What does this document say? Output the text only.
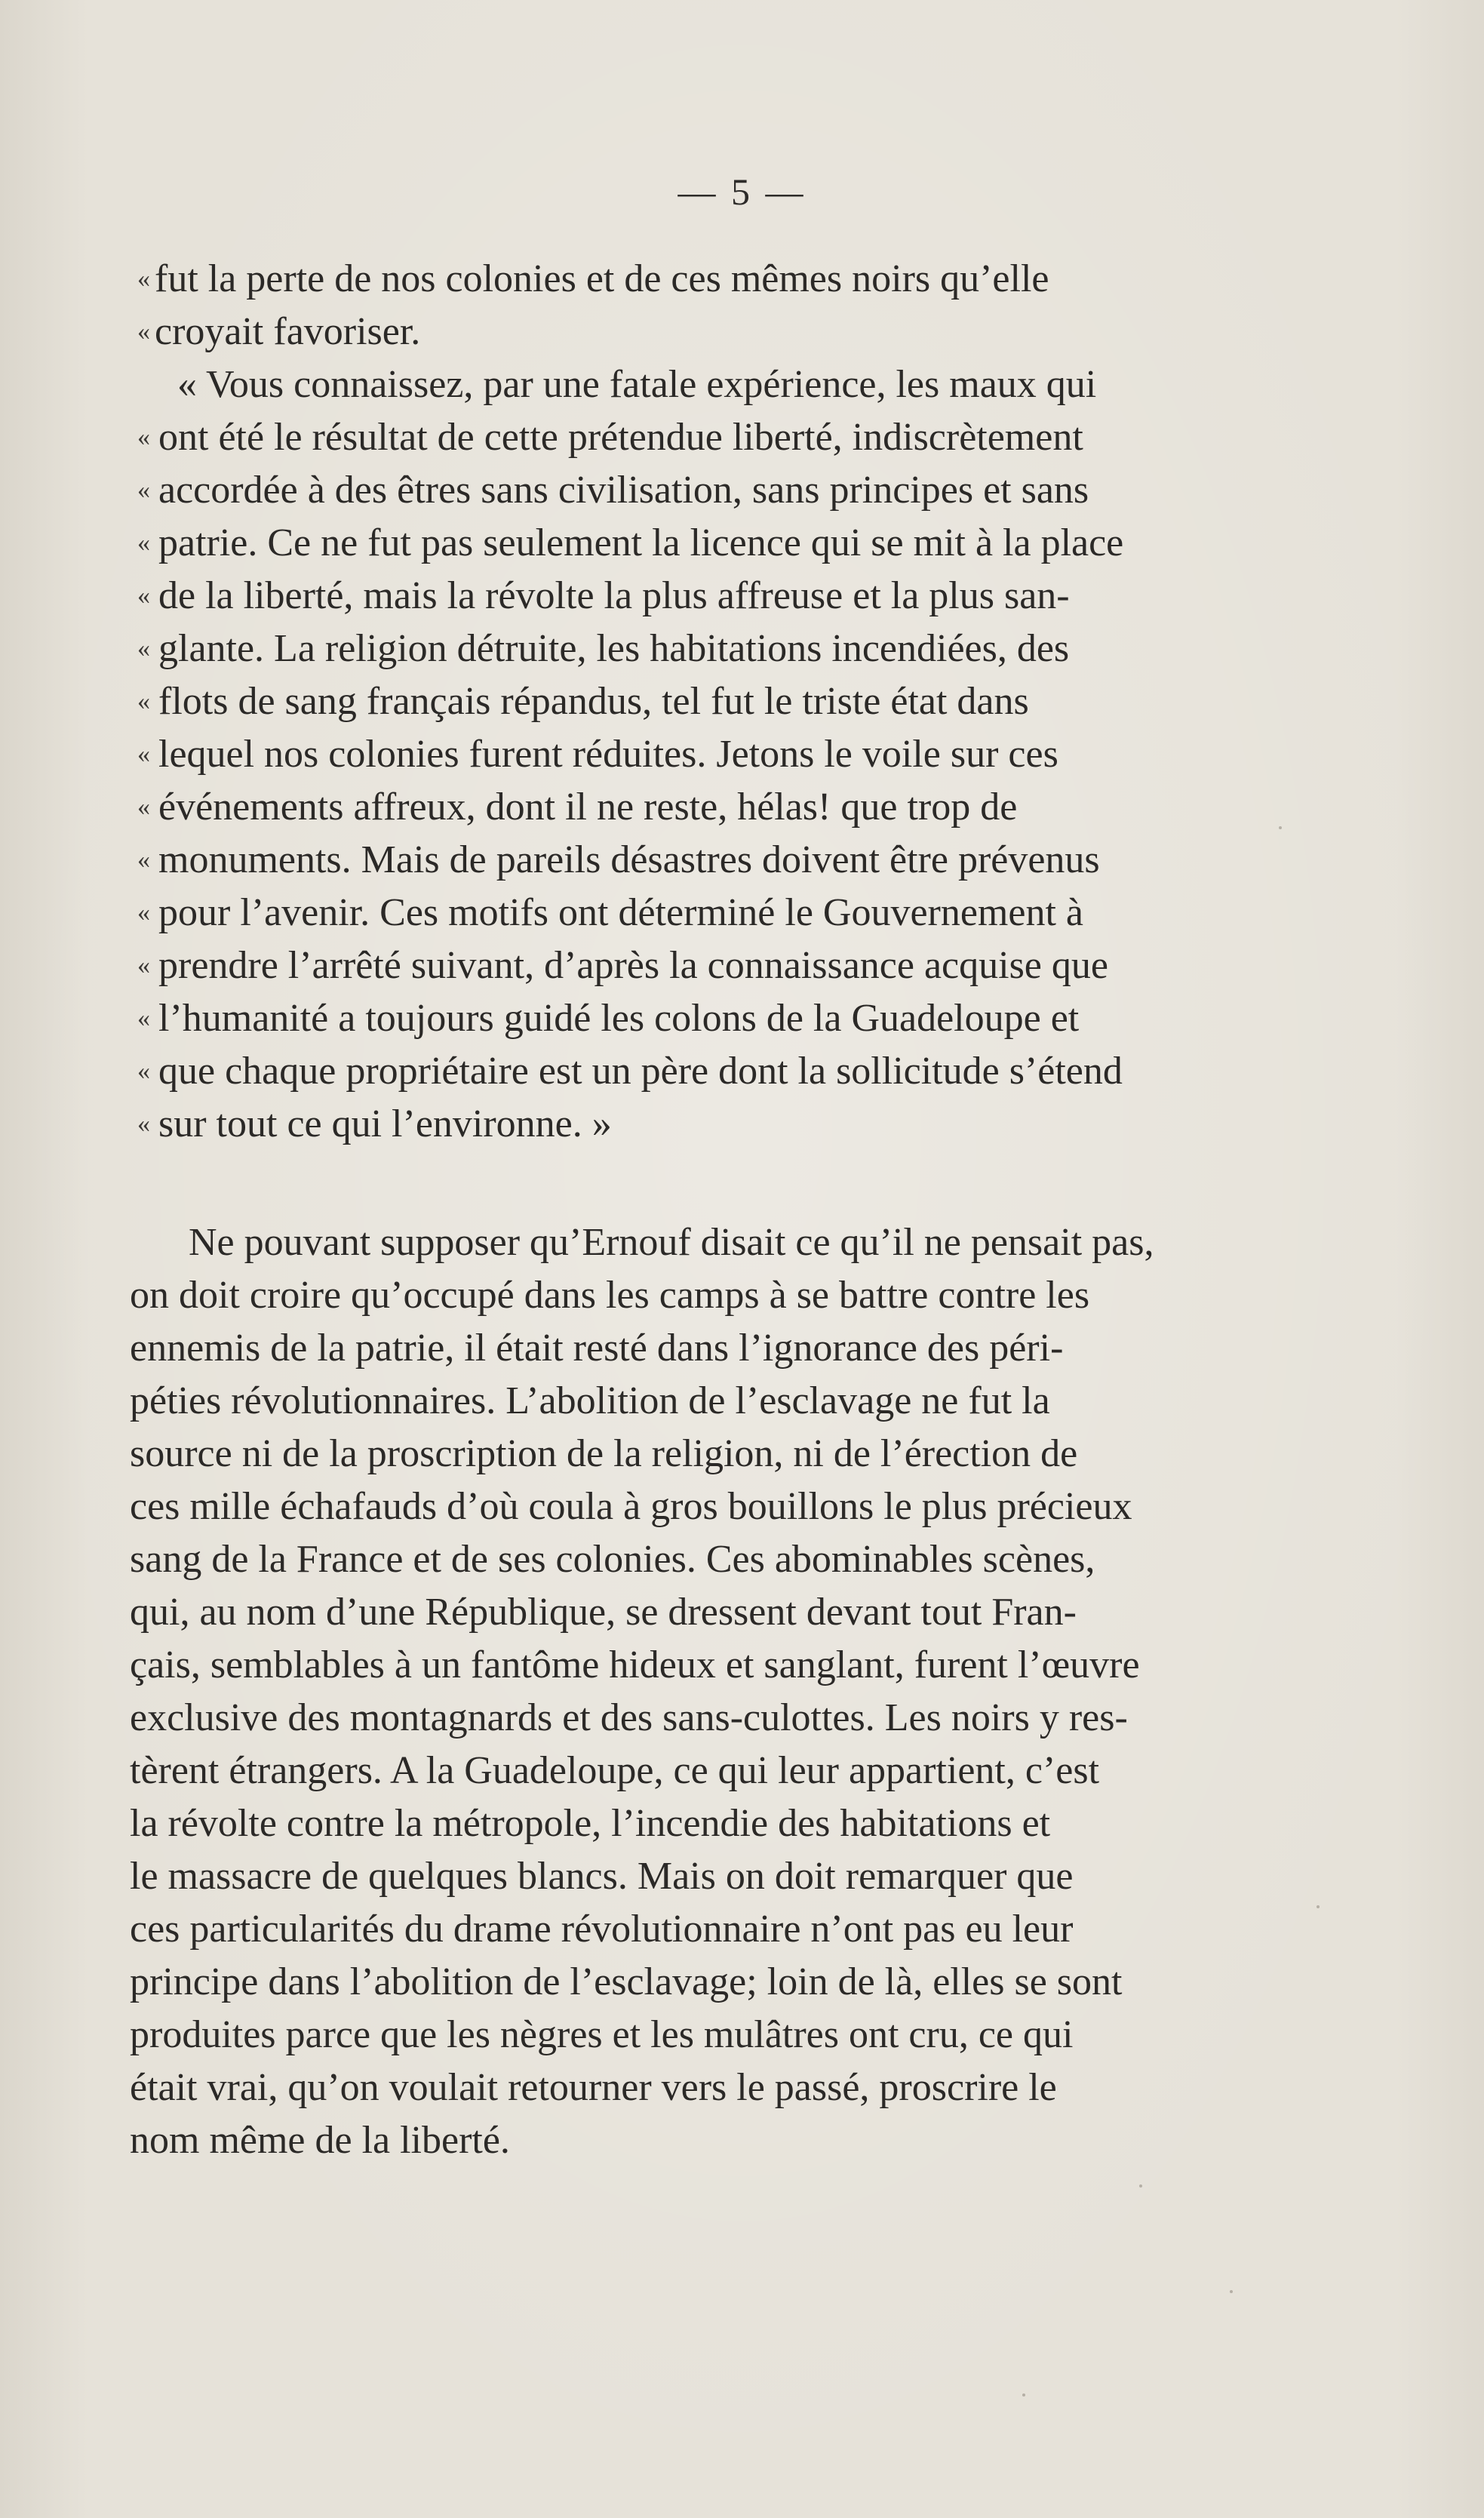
— 5 —
« fut la perte de nos colonies et de ces mêmes noirs qu’elle
« croyait favoriser.
« Vous connaissez, par une fatale expérience, les maux qui
« ont été le résultat de cette prétendue liberté, indiscrètement
« accordée à des êtres sans civilisation, sans principes et sans
« patrie. Ce ne fut pas seulement la licence qui se mit à la place
« de la liberté, mais la révolte la plus affreuse et la plus san-
« glante. La religion détruite, les habitations incendiées, des
« flots de sang français répandus, tel fut le triste état dans
« lequel nos colonies furent réduites. Jetons le voile sur ces
« événements affreux, dont il ne reste, hélas! que trop de
« monuments. Mais de pareils désastres doivent être prévenus
« pour l’avenir. Ces motifs ont déterminé le Gouvernement à
« prendre l’arrêté suivant, d’après la connaissance acquise que
« l’humanité a toujours guidé les colons de la Guadeloupe et
« que chaque propriétaire est un père dont la sollicitude s’étend
« sur tout ce qui l’environne. »
Ne pouvant supposer qu’Ernouf disait ce qu’il ne pensait pas,
on doit croire qu’occupé dans les camps à se battre contre les
ennemis de la patrie, il était resté dans l’ignorance des péri-
péties révolutionnaires. L’abolition de l’esclavage ne fut la
source ni de la proscription de la religion, ni de l’érection de
ces mille échafauds d’où coula à gros bouillons le plus précieux
sang de la France et de ses colonies. Ces abominables scènes,
qui, au nom d’une République, se dressent devant tout Fran-
çais, semblables à un fantôme hideux et sanglant, furent l’œuvre
exclusive des montagnards et des sans-culottes. Les noirs y res-
tèrent étrangers. A la Guadeloupe, ce qui leur appartient, c’est
la révolte contre la métropole, l’incendie des habitations et
le massacre de quelques blancs. Mais on doit remarquer que
ces particularités du drame révolutionnaire n’ont pas eu leur
principe dans l’abolition de l’esclavage; loin de là, elles se sont
produites parce que les nègres et les mulâtres ont cru, ce qui
était vrai, qu’on voulait retourner vers le passé, proscrire le
nom même de la liberté.
